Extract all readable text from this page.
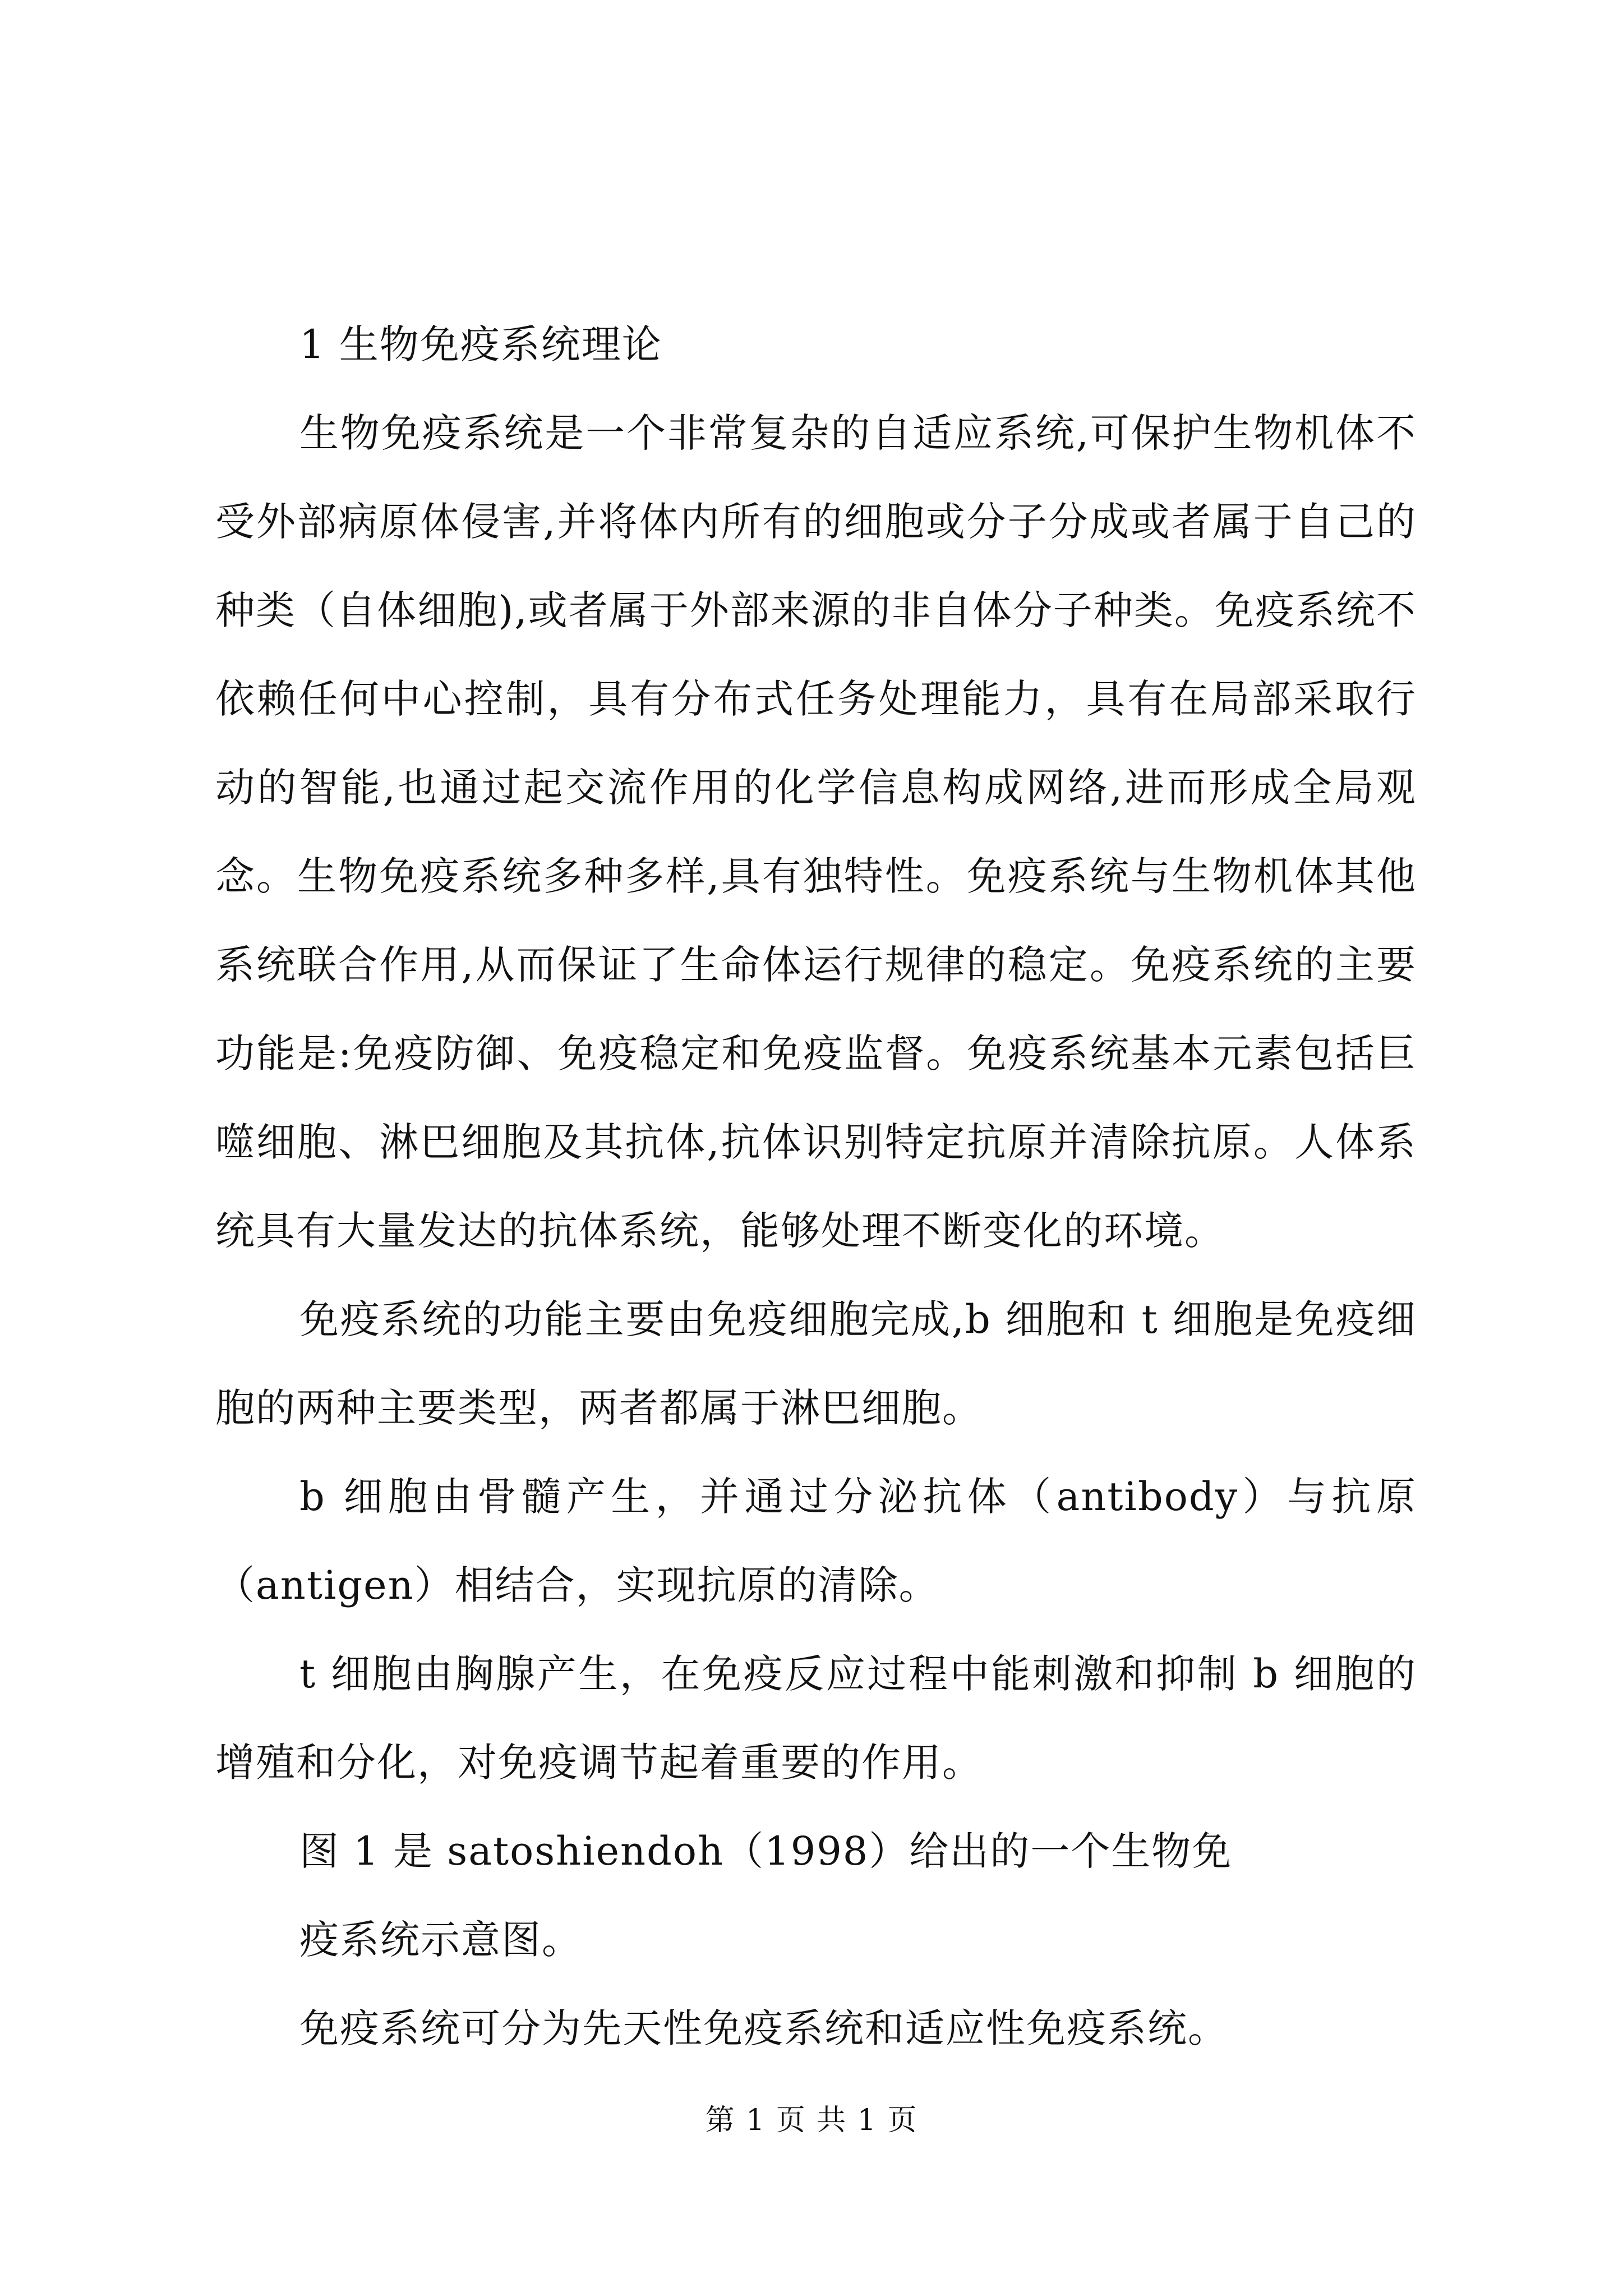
1 生物免疫系统理论

生物免疫系统是一个非常复杂的自适应系统,可保护生物机体不受外部病原体侵害,并将体内所有的细胞或分子分成或者属于自己的种类（自体细胞),或者属于外部来源的非自体分子种类。免疫系统不依赖任何中心控制，具有分布式任务处理能力，具有在局部采取行动的智能,也通过起交流作用的化学信息构成网络,进而形成全局观念。生物免疫系统多种多样,具有独特性。免疫系统与生物机体其他系统联合作用,从而保证了生命体运行规律的稳定。免疫系统的主要功能是:免疫防御、免疫稳定和免疫监督。免疫系统基本元素包括巨噬细胞、淋巴细胞及其抗体,抗体识别特定抗原并清除抗原。人体系统具有大量发达的抗体系统，能够处理不断变化的环境。

免疫系统的功能主要由免疫细胞完成,b 细胞和 t 细胞是免疫细胞的两种主要类型，两者都属于淋巴细胞。

b 细胞由骨髓产生，并通过分泌抗体（antibody）与抗原（antigen）相结合，实现抗原的清除。

t 细胞由胸腺产生，在免疫反应过程中能刺激和抑制 b 细胞的增殖和分化，对免疫调节起着重要的作用。

图 1 是 satoshiendoh（1998）给出的一个生物免

疫系统示意图。

免疫系统可分为先天性免疫系统和适应性免疫系统。

第 1 页 共 1 页
